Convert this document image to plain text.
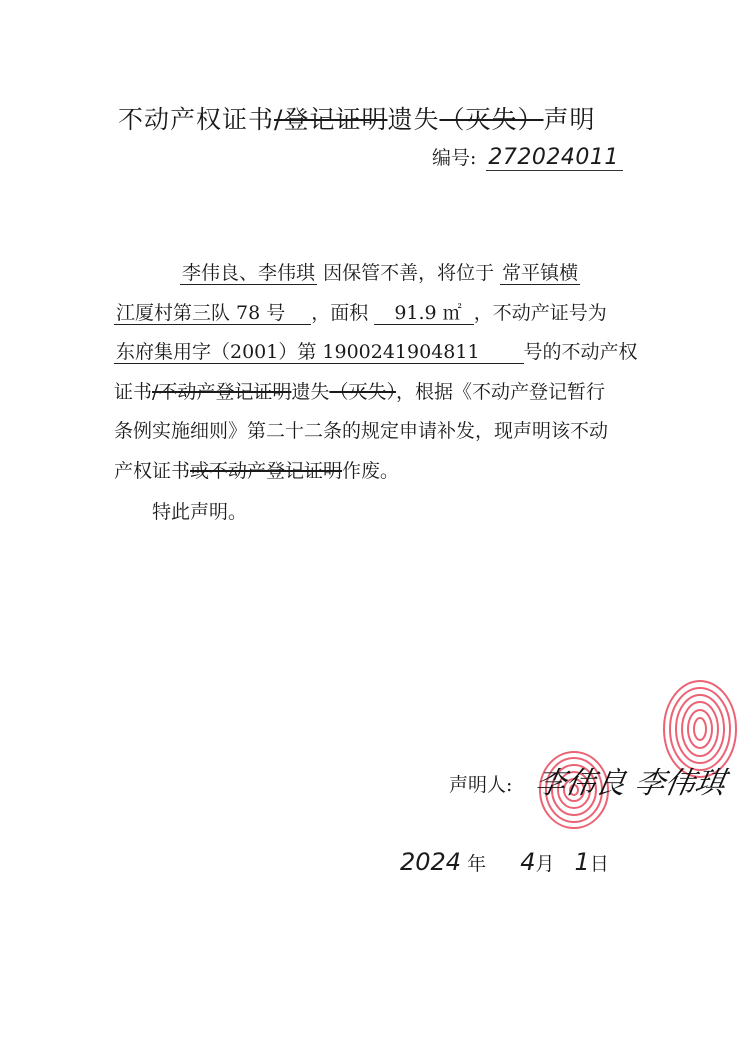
不动产权证书/登记证明遗失（灭失）声明
编号: 272024011
李伟良、李伟琪 因保管不善，将位于 常平镇横
江厦村第三队 78 号 ，面积 91.9 ㎡ ，不动产证号为
东府集用字（2001）第 1900241904811 号的不动产权
证书/不动产登记证明遗失（灭失），根据《不动产登记暂行
条例实施细则》第二十二条的规定申请补发，现声明该不动
产权证书或不动产登记证明作废。
特此声明。
声明人: 李伟良 李伟琪
2024 年 4月 1日
